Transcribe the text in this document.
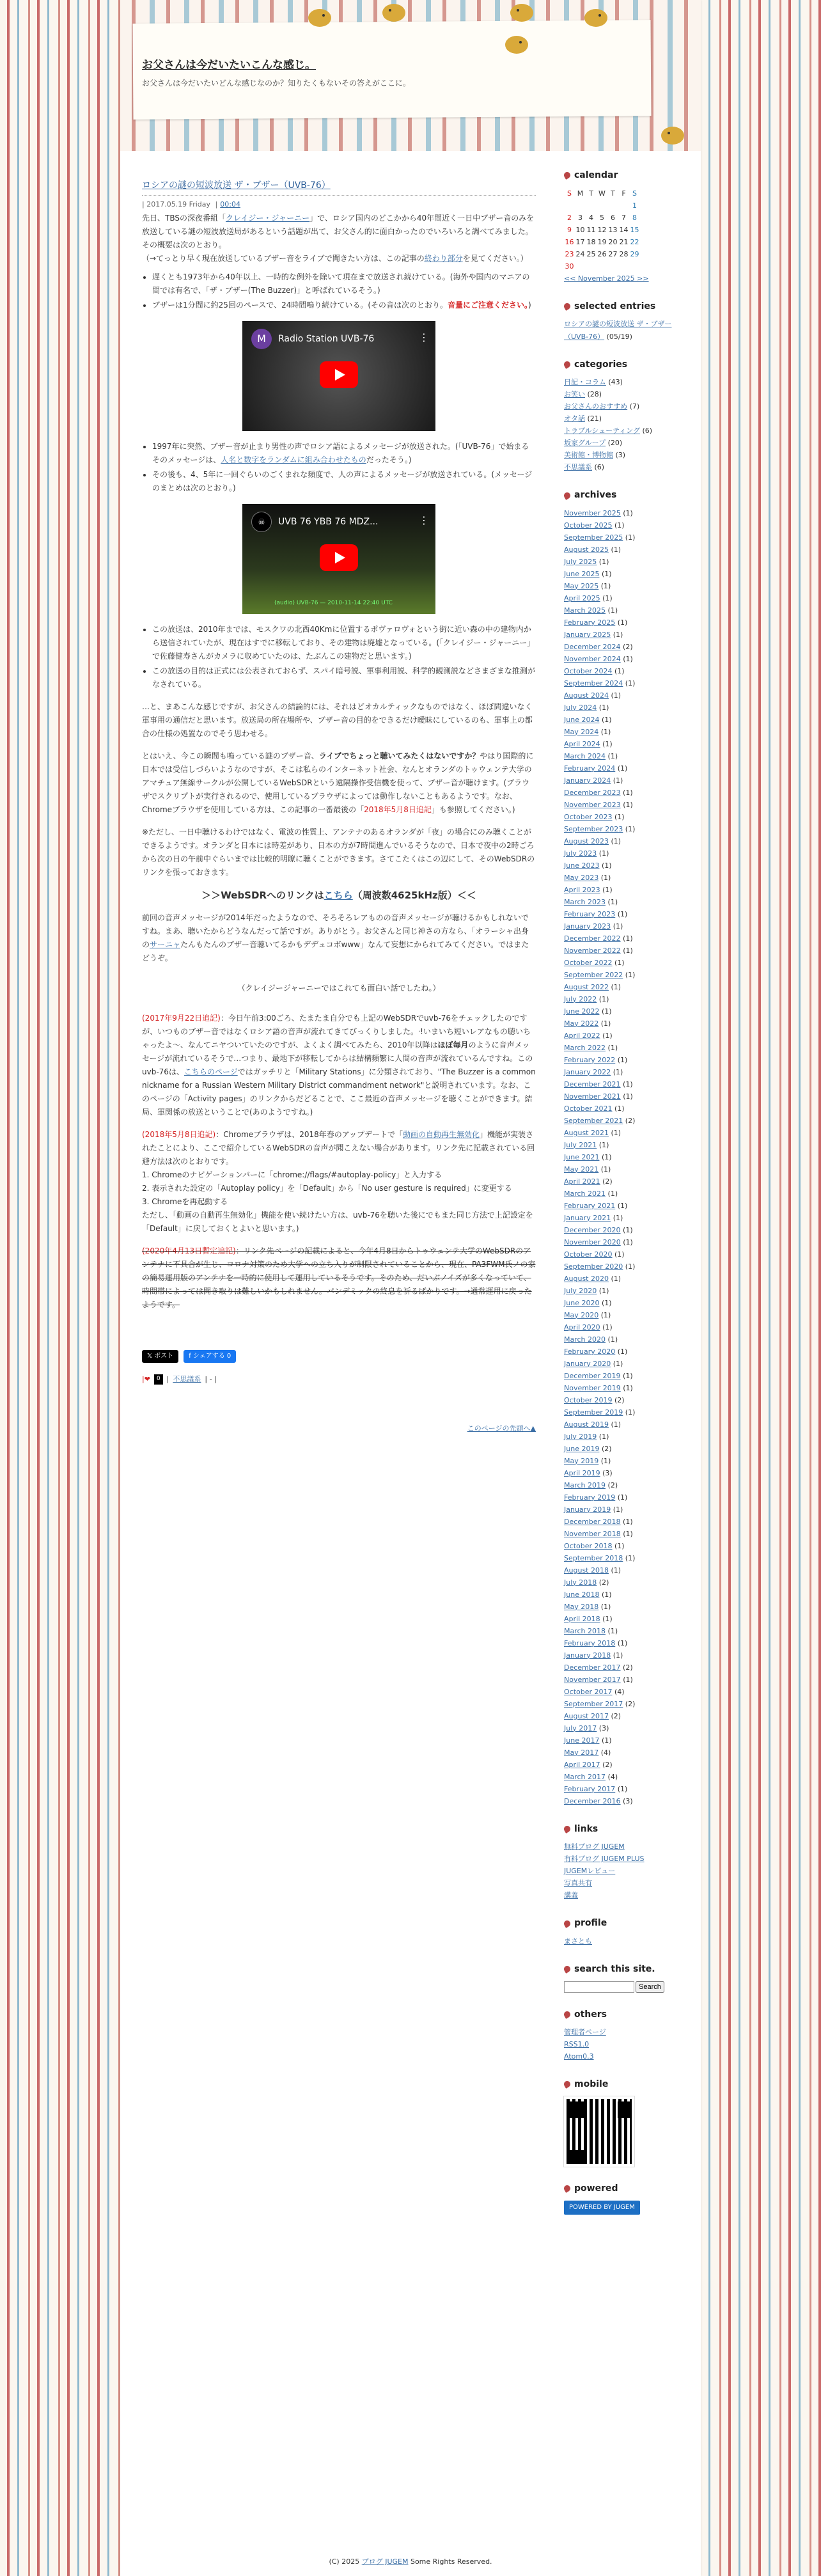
お父さんは今だいたいこんな感じ。
お父さんは今だいたいどんな感じなのか？知りたくもないその答えがここに。
ロシアの謎の短波放送 ザ・ブザー（UVB-76）
| 2017.05.19 Friday | 00:04

先日、TBSの深夜番組「クレイジー・ジャーニー」で、ロシア国内のどこかから40年間近く一日中ブザー音のみを放送している謎の短波放送局があるという話題が出て、お父さん的に面白かったのでいろいろと調べてみました。その概要は次のとおり。
（→てっとり早く現在放送しているブザー音をライブで聞きたい方は、この記事の終わり部分を見てください。）

• 遅くとも1973年から40年以上、一時的な例外を除いて現在まで放送され続けている。(海外や国内のマニアの間では有名で、「ザ・ブザー(The Buzzer)」と呼ばれているそう。)
• ブザーは1分間に約25回のペースで、24時間鳴り続けている。(その音は次のとおり。音量にご注意ください。)
M	Radio Station UVB-76	⋮
• 1997年に突然、ブザー音が止まり男性の声でロシア語によるメッセージが放送された。(「UVB-76」で始まるそのメッセージは、人名と数字をランダムに組み合わせたものだったそう。)
• その後も、4、5年に一回ぐらいのごくまれな頻度で、人の声によるメッセージが放送されている。(メッセージのまとめは次のとおり。)
☠	UVB 76 YBB 76 MDZ...	⋮
(audio) UVB-76 — 2010-11-14 22:40 UTC
• この放送は、2010年までは、モスクワの北西40Kmに位置するポヴァロヴォという街に近い森の中の建物内から送信されていたが、現在はすでに移転しており、その建物は廃墟となっている。(「クレイジー・ジャーニー」で佐藤健寿さんがカメラに収めていたのは、たぶんこの建物だと思います。)
• この放送の目的は正式には公表されておらず、スパイ暗号説、軍事利用説、科学的観測説などさまざまな推測がなされている。

…と、まあこんな感じですが、お父さんの結論的には、それはどオカルティックなものではなく、ほぼ間違いなく軍事用の通信だと思います。放送局の所在場所や、ブザー音の目的をできるだけ曖昧にしているのも、軍事上の都合の仕様の処置なのでそう思わせる。

とはいえ、今この瞬間も鳴っている謎のブザー音、ライブでちょっと聴いてみたくはないですか？やはり国際的に日本では受信しづらいようなのですが、そこは私らのインターネット社会、なんとオランダのトゥウェンテ大学のアマチュア無線サークルが公開しているWebSDRという遠隔操作受信機を使って、ブザー音が聴けます。(ブラウザでスクリプトが実行されるので、使用しているブラウザによっては動作しないこともあるようです。なお、Chromeブラウザを使用している方は、この記事の一番最後の「2018年5月8日追記」も参照してください。)

※ただし、一日中聴けるわけではなく、電波の性質上、アンテナのあるオランダが「夜」の場合にのみ聴くことができるようです。オランダと日本には時差があり、日本の方が7時間進んでいるそうなので、日本で夜中の2時ごろから次の日の午前中ぐらいまでは比較的明瞭に聴くことができます。さてこたくはこの辺にして、そのWebSDRのリンクを張っておきます。

＞＞WebSDRへのリンクはこちら（周波数4625kHz版）＜＜

前回の音声メッセージが2014年だったようなので、そろそろレアものの音声メッセージが聴けるかもしれないですね。まあ、聴いたからどうなんだって話ですが。ありがとう。お父さんと同じ神さの方なら、「オラーシャ出身のサーニャたんもたんのブザー音聴いてるかもデデュコボwww」なんて妄想にかられてみてください。ではまたどうぞ。

（クレイジージャーニーではこれても面白い話でしたね。）

(2017年9月22日追記)：今日午前3:00ごろ、たまたま自分でも上記のWebSDRでuvb-76をチェックしたのですが、いつものブザー音ではなくロシア語の音声が流れてきてびっくりしました。ᐧ!いまいち短いレアなもの聴いちゃったよ〜、なんてニヤついていたのですが、よくよく調べてみたら、2010年以降はほぼ毎月のように音声メッセージが流れているそうで…つまり、最地下が移転してからは結構頻繁に人間の音声が流れているんですね。このuvb-76は、こちらのページではガッチリと「Military Stations」に分類されており、"The Buzzer is a common nickname for a Russian Western Military District commandment network"と説明されています。なお、このページの「Activity pages」のリンクからだどることで、ここ最近の音声メッセージを聴くことができます。結局、軍関係の放送ということで(あのようですね。)

(2018年5月8日追記)：Chromeブラウザは、2018年春のアップデートで「動画の自動再生無効化」機能が実装されたことにより、ここで紹介しているWebSDRの音声が聞こえない場合があります。リンク先に記載されている回避方法は次のとおりです。

1. Chromeのナビゲーションバーに「chrome://flags/#autoplay-policy」と入力する
2. 表示された設定の「Autoplay policy」を「Default」から「No user gesture is required」に変更する
3. Chromeを再起動する

ただし、「動画の自動再生無効化」機能を使い続けたい方は、uvb-76を聴いた後にでもまた同じ方法で上記設定を「Default」に戻しておくとよいと思います。)

(2020年4月13日暫定追記)：リンク先ページの記載によると、今年4月8日からトゥウェンテ大学のWebSDRのアンテナに不具合が生じ、コロナ対策のため大学への立ち入りが制限されていることから、現在、PA3FWM氏ノの家の簡易運用版のアンテナを一時的に使用して運用しているそうです。そのため、だいぶノイズが多くなっていて、時間帯によっては聞き取りは難しいかもしれません。パンデミックの終息を祈るばかりです。→通常運用に戻ったようです。

𝕏 ポスト	f シェアする 0
|❤	0 | 不思議系 | - |
このページの先頭へ▲
calendar
S	M	T	W	T	F	S
						1
2	3	4	5	6	7	8
9	10	11	12	13	14	15
16	17	18	19	20	21	22
23	24	25	26	27	28	29
30						
<< November 2025 >>
selected entries
ロシアの謎の短波放送 ザ・ブザー（UVB-76） (05/19)
categories
日記・コラム (43)
お笑い (28)
お父さんのおすすめ (7)
オタ話 (21)
トラブルシューティング (6)
坂家グループ (20)
美術館・博物館 (3)
不思議系 (6)
archives
November 2025 (1)
October 2025 (1)
September 2025 (1)
August 2025 (1)
July 2025 (1)
June 2025 (1)
May 2025 (1)
April 2025 (1)
March 2025 (1)
February 2025 (1)
January 2025 (1)
December 2024 (2)
November 2024 (1)
October 2024 (1)
September 2024 (1)
August 2024 (1)
July 2024 (1)
June 2024 (1)
May 2024 (1)
April 2024 (1)
March 2024 (1)
February 2024 (1)
January 2024 (1)
December 2023 (1)
November 2023 (1)
October 2023 (1)
September 2023 (1)
August 2023 (1)
July 2023 (1)
June 2023 (1)
May 2023 (1)
April 2023 (1)
March 2023 (1)
February 2023 (1)
January 2023 (1)
December 2022 (1)
November 2022 (1)
October 2022 (1)
September 2022 (1)
August 2022 (1)
July 2022 (1)
June 2022 (1)
May 2022 (1)
April 2022 (1)
March 2022 (1)
February 2022 (1)
January 2022 (1)
December 2021 (1)
November 2021 (1)
October 2021 (1)
September 2021 (2)
August 2021 (1)
July 2021 (1)
June 2021 (1)
May 2021 (1)
April 2021 (2)
March 2021 (1)
February 2021 (1)
January 2021 (1)
December 2020 (1)
November 2020 (1)
October 2020 (1)
September 2020 (1)
August 2020 (1)
July 2020 (1)
June 2020 (1)
May 2020 (1)
April 2020 (1)
March 2020 (1)
February 2020 (1)
January 2020 (1)
December 2019 (1)
November 2019 (1)
October 2019 (2)
September 2019 (1)
August 2019 (1)
July 2019 (1)
June 2019 (2)
May 2019 (1)
April 2019 (3)
March 2019 (2)
February 2019 (1)
January 2019 (1)
December 2018 (1)
November 2018 (1)
October 2018 (1)
September 2018 (1)
August 2018 (1)
July 2018 (2)
June 2018 (1)
May 2018 (1)
April 2018 (1)
March 2018 (1)
February 2018 (1)
January 2018 (1)
December 2017 (2)
November 2017 (1)
October 2017 (4)
September 2017 (2)
August 2017 (2)
July 2017 (3)
June 2017 (1)
May 2017 (4)
April 2017 (2)
March 2017 (4)
February 2017 (1)
December 2016 (3)
links
無料ブログ JUGEM
有料ブログ JUGEM PLUS
JUGEMレビュー
写真共有
講義
profile
まさとも
search this site.
Search
others
管理者ページ
RSS1.0
Atom0.3
mobile
powered
POWERED BY JUGEM
(C) 2025 ブログ JUGEM Some Rights Reserved.
